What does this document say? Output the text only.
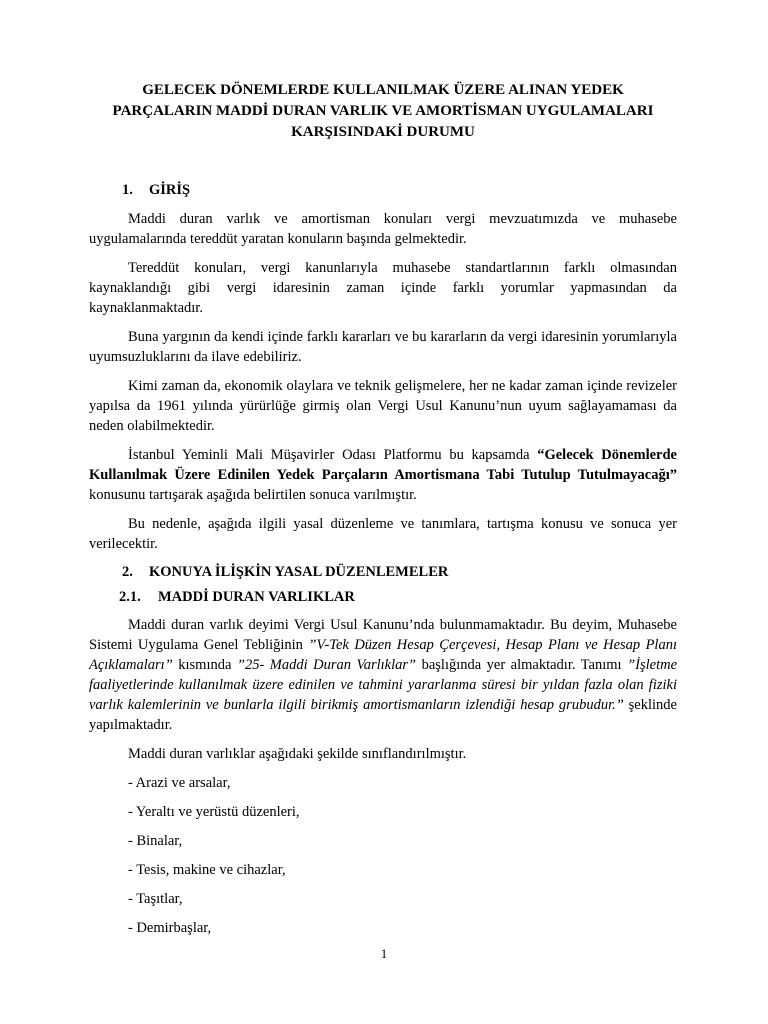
GELECEK DÖNEMLERDE KULLANILMAK ÜZERE ALINAN YEDEK
PARÇALARIN MADDİ DURAN VARLIK VE AMORTİSMAN UYGULAMALARI
KARŞISINDAKİ DURUMU
1. GİRİŞ

Maddi duran varlık ve amortisman konuları vergi mevzuatımızda ve muhasebe uygulamalarında tereddüt yaratan konuların başında gelmektedir.

Tereddüt konuları, vergi kanunlarıyla muhasebe standartlarının farklı olmasından kaynaklandığı gibi vergi idaresinin zaman içinde farklı yorumlar yapmasından da kaynaklanmaktadır.

Buna yargının da kendi içinde farklı kararları ve bu kararların da vergi idaresinin yorumlarıyla uyumsuzluklarını da ilave edebiliriz.

Kimi zaman da, ekonomik olaylara ve teknik gelişmelere, her ne kadar zaman içinde revizeler yapılsa da 1961 yılında yürürlüğe girmiş olan Vergi Usul Kanunu’nun uyum sağlayamaması da neden olabilmektedir.

İstanbul Yeminli Mali Müşavirler Odası Platformu bu kapsamda “Gelecek Dönemlerde Kullanılmak Üzere Edinilen Yedek Parçaların Amortismana Tabi Tutulup Tutulmayacağı” konusunu tartışarak aşağıda belirtilen sonuca varılmıştır.

Bu nedenle, aşağıda ilgili yasal düzenleme ve tanımlara, tartışma konusu ve sonuca yer verilecektir.

2. KONUYA İLİŞKİN YASAL DÜZENLEMELER
2.1. MADDİ DURAN VARLIKLAR

Maddi duran varlık deyimi Vergi Usul Kanunu’nda bulunmamaktadır. Bu deyim, Muhasebe Sistemi Uygulama Genel Tebliğinin ”V-Tek Düzen Hesap Çerçevesi, Hesap Planı ve Hesap Planı Açıklamaları” kısmında ”25- Maddi Duran Varlıklar” başlığında yer almaktadır. Tanımı ”İşletme faaliyetlerinde kullanılmak üzere edinilen ve tahmini yararlanma süresi bir yıldan fazla olan fiziki varlık kalemlerinin ve bunlarla ilgili birikmiş amortismanların izlendiği hesap grubudur.” şeklinde yapılmaktadır.

Maddi duran varlıklar aşağıdaki şekilde sınıflandırılmıştır.

- Arazi ve arsalar,
- Yeraltı ve yerüstü düzenleri,
- Binalar,
- Tesis, makine ve cihazlar,
- Taşıtlar,
- Demirbaşlar,
1
